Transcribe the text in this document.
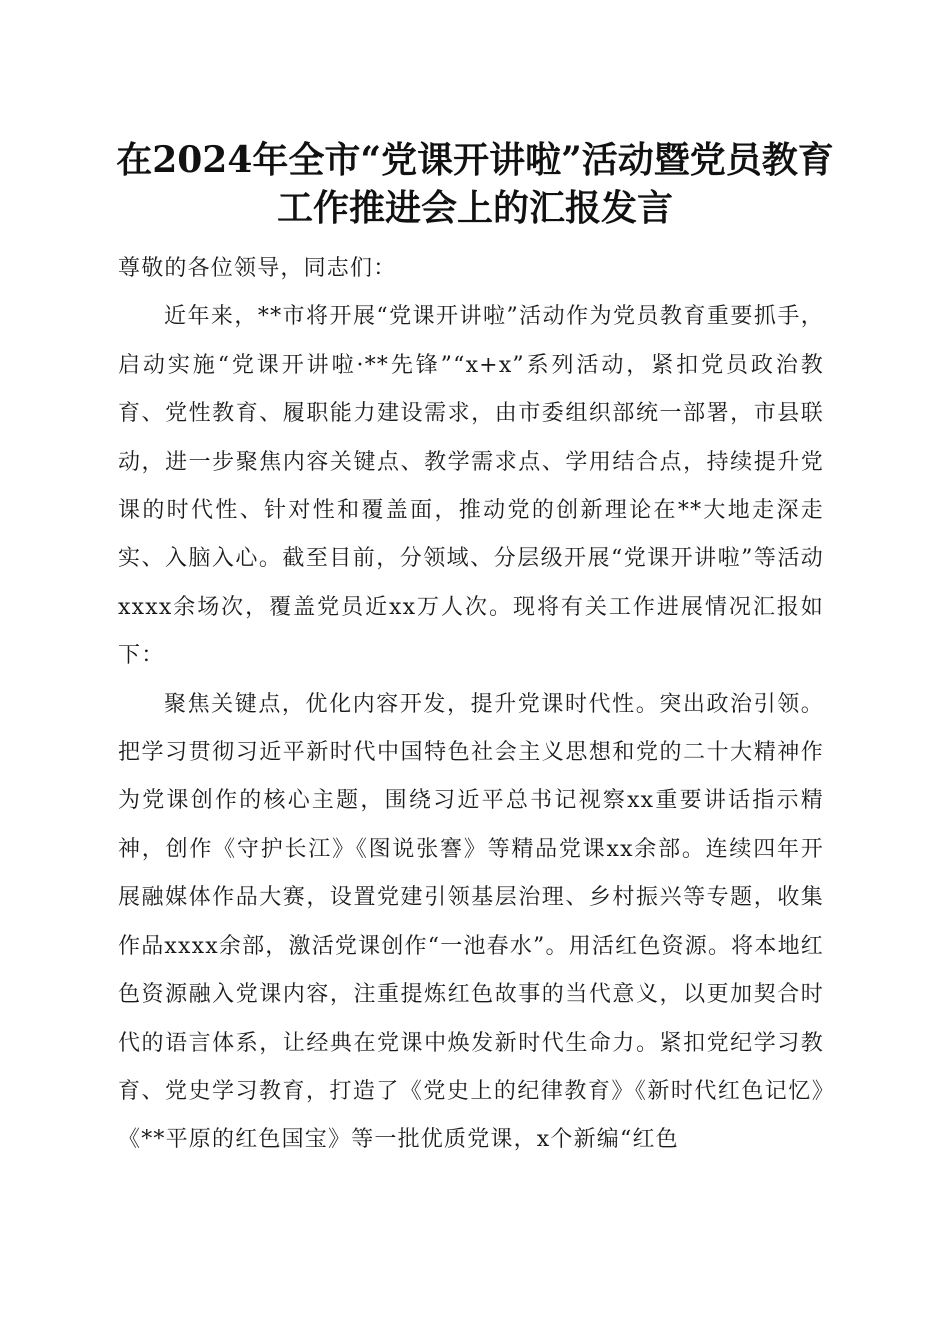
在2024年全市“党课开讲啦”活动暨党员教育工作推进会上的汇报发言

尊敬的各位领导，同志们：

近年来，**市将开展“党课开讲啦”活动作为党员教育重要抓手，启动实施“党课开讲啦·**先锋”“x+x”系列活动，紧扣党员政治教育、党性教育、履职能力建设需求，由市委组织部统一部署，市县联动，进一步聚焦内容关键点、教学需求点、学用结合点，持续提升党课的时代性、针对性和覆盖面，推动党的创新理论在**大地走深走实、入脑入心。截至目前，分领域、分层级开展“党课开讲啦”等活动xxxx余场次，覆盖党员近xx万人次。现将有关工作进展情况汇报如下：

聚焦关键点，优化内容开发，提升党课时代性。突出政治引领。把学习贯彻习近平新时代中国特色社会主义思想和党的二十大精神作为党课创作的核心主题，围绕习近平总书记视察xx重要讲话指示精神，创作《守护长江》《图说张謇》等精品党课xx余部。连续四年开展融媒体作品大赛，设置党建引领基层治理、乡村振兴等专题，收集作品xxxx余部，激活党课创作“一池春水”。用活红色资源。将本地红色资源融入党课内容，注重提炼红色故事的当代意义，以更加契合时代的语言体系，让经典在党课中焕发新时代生命力。紧扣党纪学习教育、党史学习教育，打造了《党史上的纪律教育》《新时代红色记忆》《**平原的红色国宝》等一批优质党课，x个新编“红色
